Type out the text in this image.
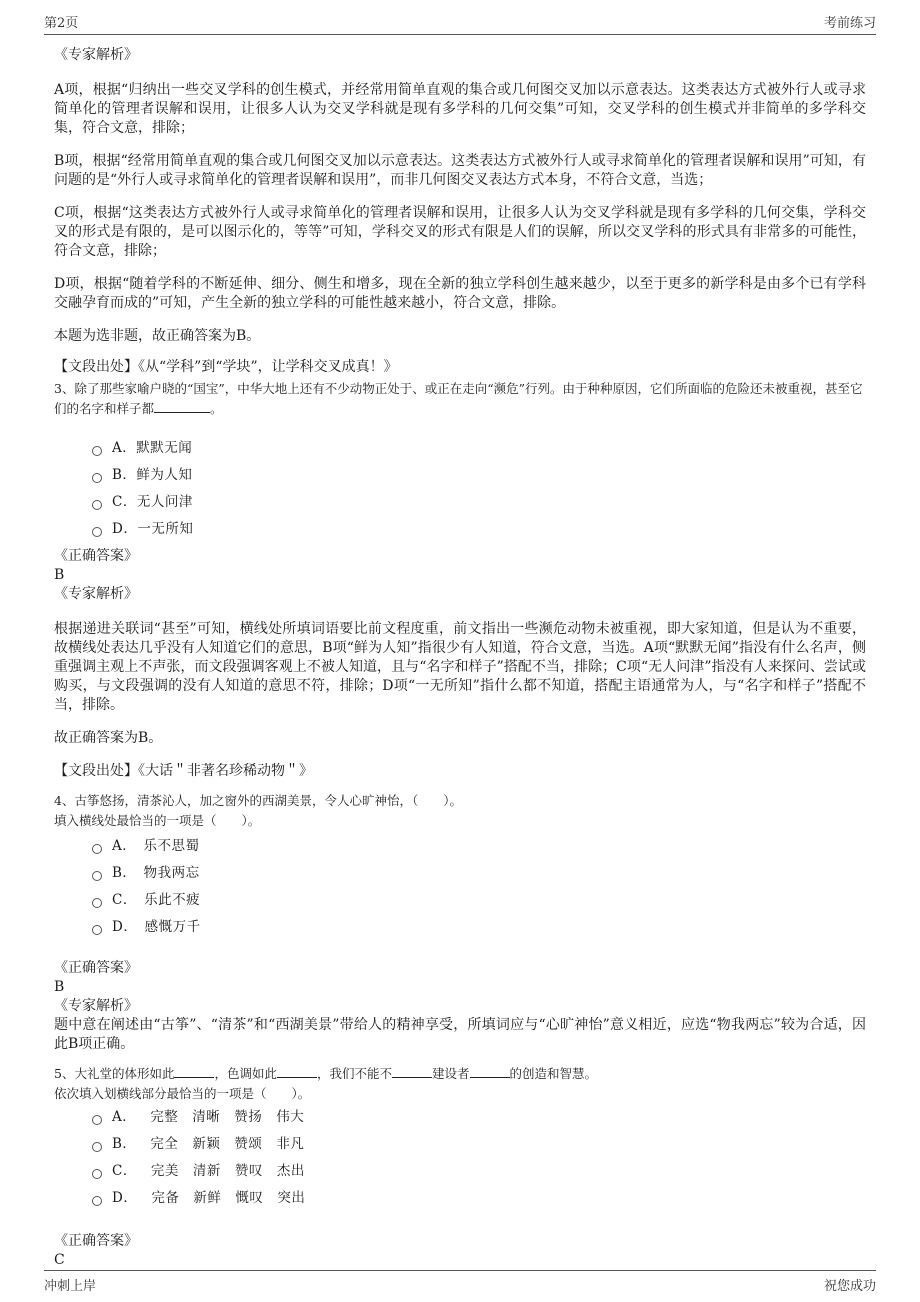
第2页	考前练习
《专家解析》

A项，根据“归纳出一些交叉学科的创生模式，并经常用简单直观的集合或几何图交叉加以示意表达。这类表达方式被外行人或寻求简单化的管理者误解和误用，让很多人认为交叉学科就是现有多学科的几何交集”可知，交叉学科的创生模式并非简单的多学科交集，符合文意，排除；

B项，根据“经常用简单直观的集合或几何图交叉加以示意表达。这类表达方式被外行人或寻求简单化的管理者误解和误用”可知，有问题的是“外行人或寻求简单化的管理者误解和误用”，而非几何图交叉表达方式本身，不符合文意，当选；

C项，根据“这类表达方式被外行人或寻求简单化的管理者误解和误用，让很多人认为交叉学科就是现有多学科的几何交集，学科交叉的形式是有限的，是可以图示化的，等等”可知，学科交叉的形式有限是人们的误解，所以交叉学科的形式具有非常多的可能性，符合文意，排除；

D项，根据“随着学科的不断延伸、细分、侧生和增多，现在全新的独立学科创生越来越少，以至于更多的新学科是由多个已有学科交融孕育而成的”可知，产生全新的独立学科的可能性越来越小，符合文意，排除。

本题为选非题，故正确答案为B。

【文段出处】《从“学科”到“学块”，让学科交叉成真！》

3、除了那些家喻户晓的“国宝”，中华大地上还有不少动物正处于、或正在走向“濒危”行列。由于种种原因，它们所面临的危险还未被重视，甚至它们的名字和样子都	。

A．默默无闻
B．鲜为人知
C．无人问津
D．一无所知
《正确答案》
B
《专家解析》

根据递进关联词“甚至”可知，横线处所填词语要比前文程度重，前文指出一些濒危动物未被重视，即大家知道，但是认为不重要，故横线处表达几乎没有人知道它们的意思，B项“鲜为人知”指很少有人知道，符合文意，当选。A项“默默无闻”指没有什么名声，侧重强调主观上不声张，而文段强调客观上不被人知道，且与“名字和样子”搭配不当，排除；C项“无人问津”指没有人来探问、尝试或购买，与文段强调的没有人知道的意思不符，排除；D项“一无所知”指什么都不知道，搭配主语通常为人，与“名字和样子”搭配不当，排除。

故正确答案为B。

【文段出处】《大话＂非著名珍稀动物＂》

4、古筝悠扬，清茶沁人，加之窗外的西湖美景，令人心旷神怡，（　　）。

填入横线处最恰当的一项是（　　）。

A．　乐不思蜀
B．　物我两忘
C．　乐此不疲
D．　感慨万千
《正确答案》
B
《专家解析》

题中意在阐述由“古筝”、“清茶”和“西湖美景”带给人的精神享受，所填词应与“心旷神怡”意义相近，应选“物我两忘”较为合适，因此B项正确。

5、大礼堂的体形如此	，色调如此	，我们不能不	建设者	的创造和智慧。

依次填入划横线部分最恰当的一项是（　　）。

A． 完整 清晰 赞扬 伟大
B． 完全 新颖 赞颂 非凡
C． 完美 清新 赞叹 杰出
D． 完备 新鲜 慨叹 突出
《正确答案》
C
冲刺上岸	祝您成功
